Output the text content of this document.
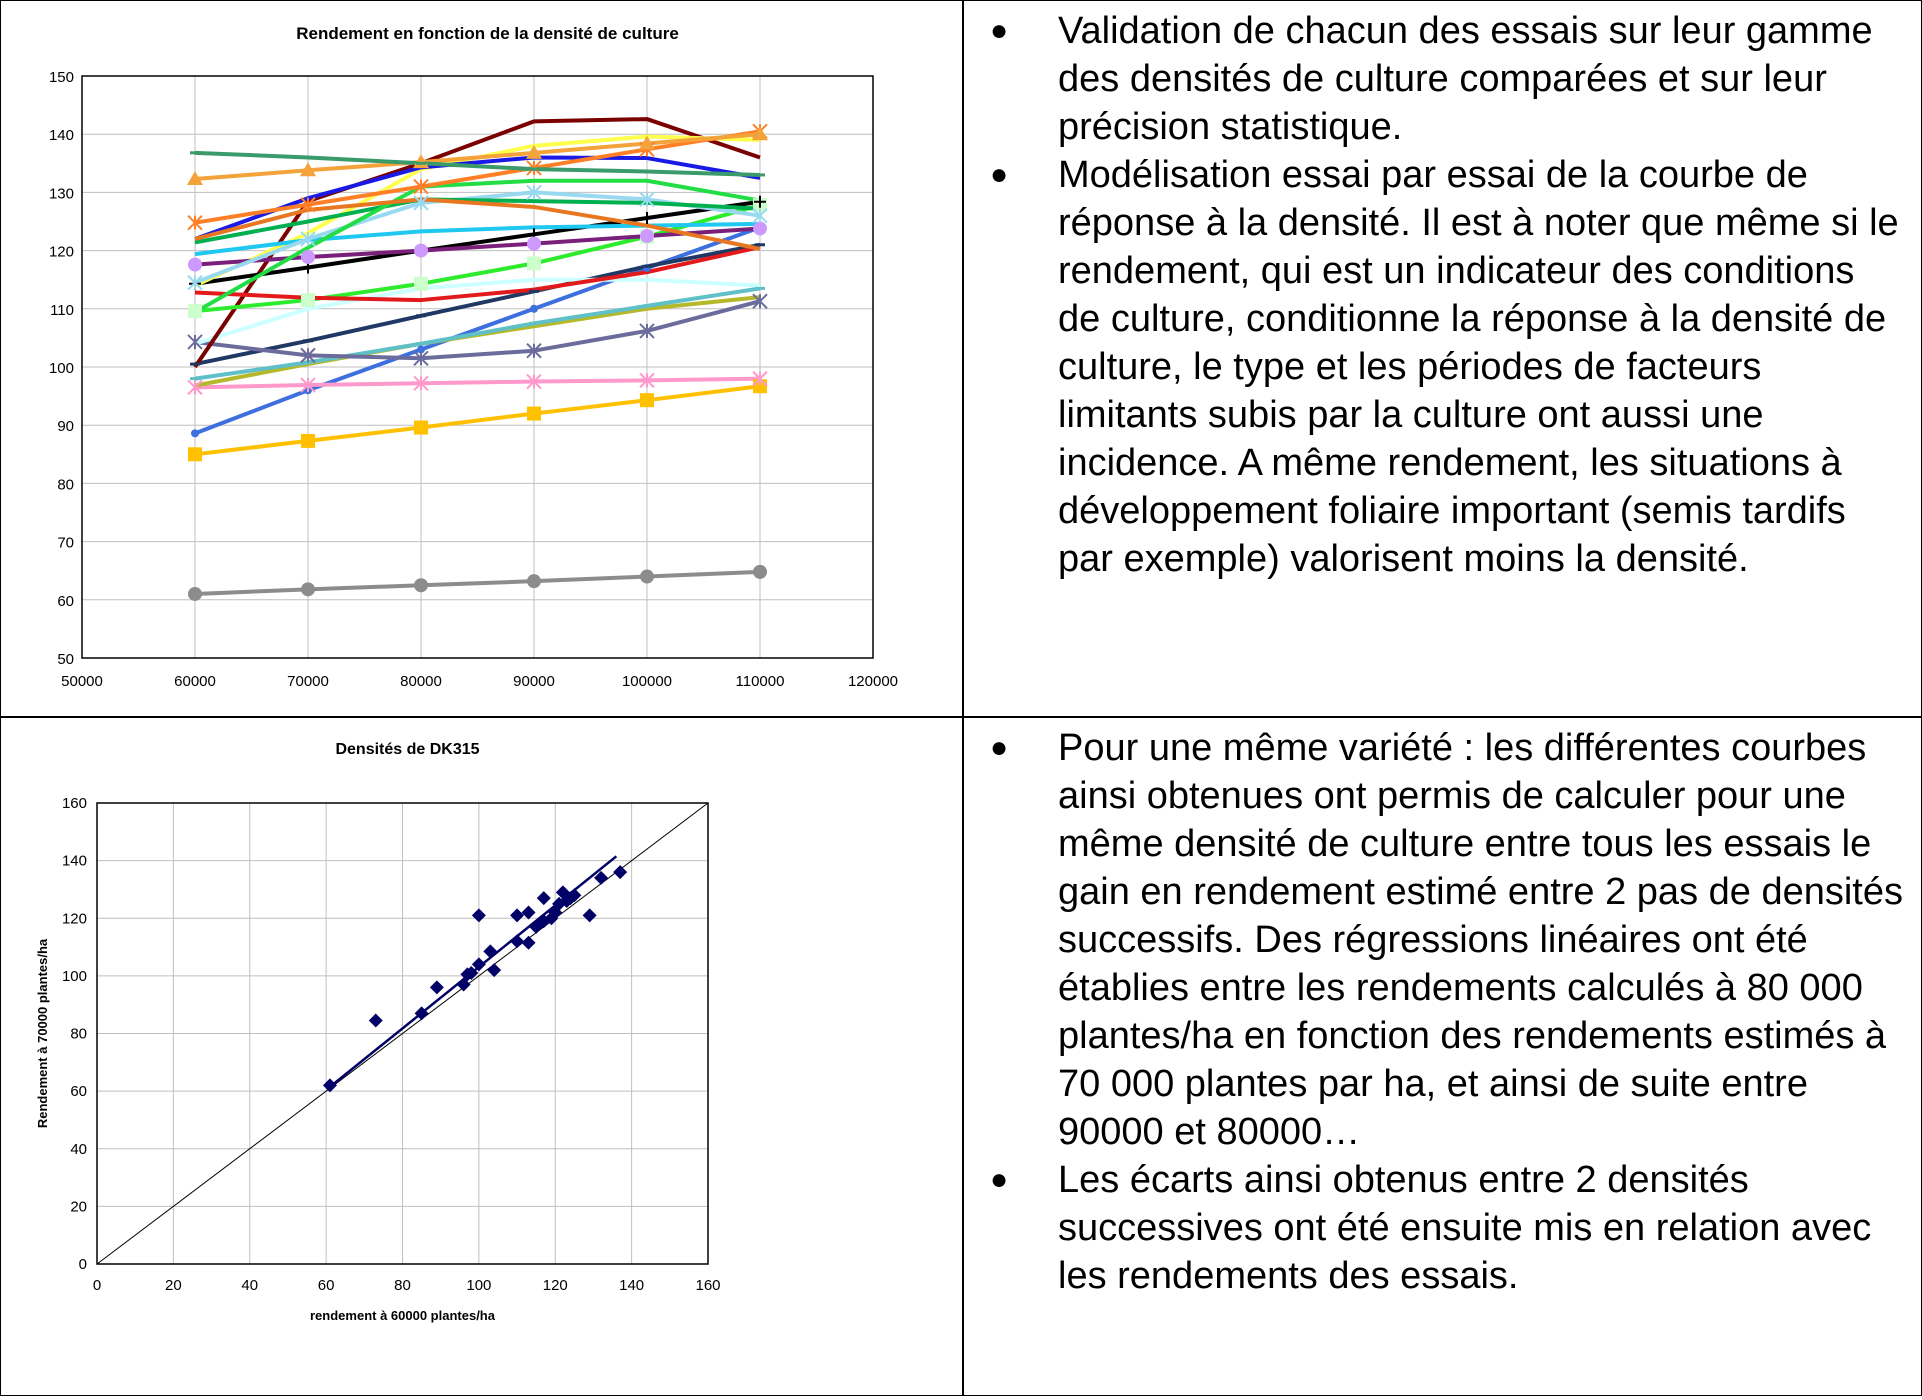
Rendement en fonction de la densité de culture
50
60
70
80
90
100
110
120
130
140
150
50000	60000	70000	80000	90000	100000	110000	120000
● Validation de chacun des essais sur leur gamme des densités de culture comparées et sur leur précision statistique.
● Modélisation essai par essai de la courbe de réponse à la densité. Il est à noter que même si le rendement, qui est un indicateur des conditions de culture, conditionne la réponse à la densité de culture, le type et les périodes de facteurs limitants subis par la culture ont aussi une incidence. A même rendement, les situations à développement foliaire important (semis tardifs par exemple) valorisent moins la densité.
Densités de DK315
0
20
40
60
80
100
120
140
160
0	20	40	60	80	100	120	140	160
rendement à 60000 plantes/ha
Rendement à 70000 plantes/ha
● Pour une même variété : les différentes courbes ainsi obtenues ont permis de calculer pour une même densité de culture entre tous les essais le gain en rendement estimé entre 2 pas de densités successifs. Des régressions linéaires ont été établies entre les rendements calculés à 80 000 plantes/ha en fonction des rendements estimés à 70 000 plantes par ha, et ainsi de suite entre 90000 et 80000…
● Les écarts ainsi obtenus entre 2 densités successives ont été ensuite mis en relation avec les rendements des essais.
